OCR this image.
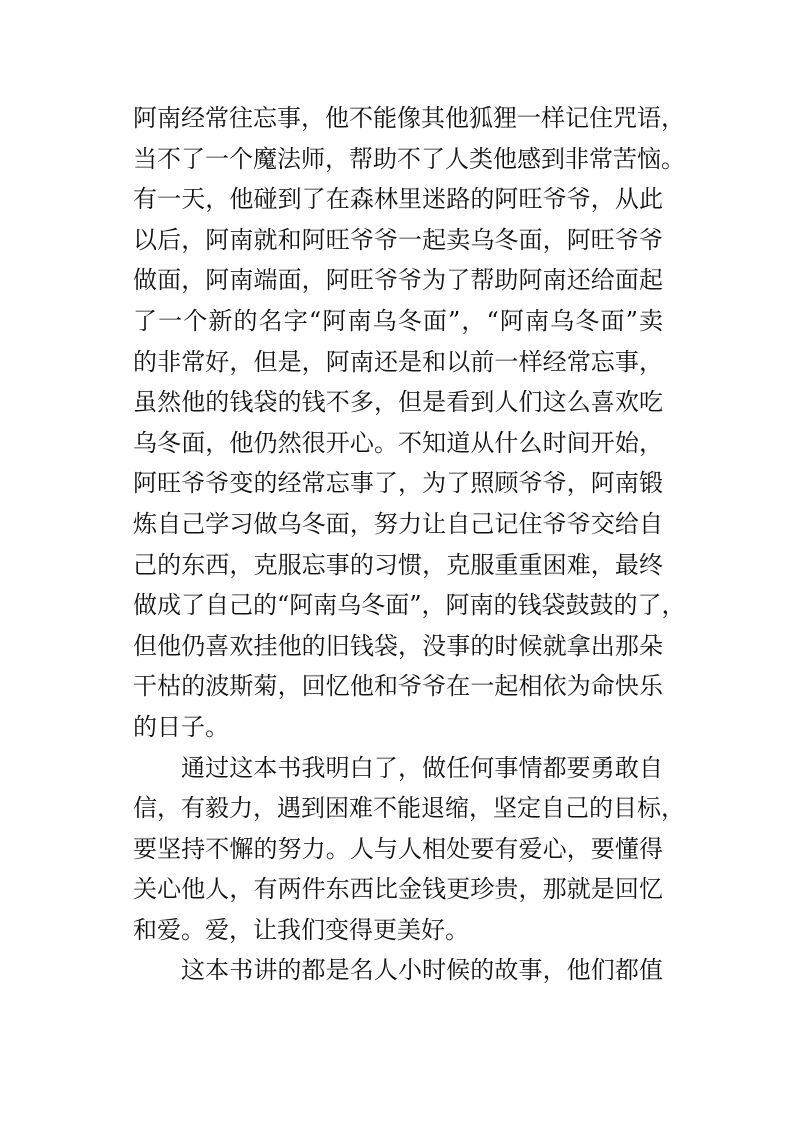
阿南经常往忘事，他不能像其他狐狸一样记住咒语，
当不了一个魔法师，帮助不了人类他感到非常苦恼。
有一天，他碰到了在森林里迷路的阿旺爷爷，从此
以后，阿南就和阿旺爷爷一起卖乌冬面，阿旺爷爷
做面，阿南端面，阿旺爷爷为了帮助阿南还给面起
了一个新的名字“阿南乌冬面”，“阿南乌冬面”卖
的非常好，但是，阿南还是和以前一样经常忘事，
虽然他的钱袋的钱不多，但是看到人们这么喜欢吃
乌冬面，他仍然很开心。不知道从什么时间开始，
阿旺爷爷变的经常忘事了，为了照顾爷爷，阿南锻
炼自己学习做乌冬面，努力让自己记住爷爷交给自
己的东西，克服忘事的习惯，克服重重困难，最终
做成了自己的“阿南乌冬面”，阿南的钱袋鼓鼓的了，
但他仍喜欢挂他的旧钱袋，没事的时候就拿出那朵
干枯的波斯菊，回忆他和爷爷在一起相依为命快乐
的日子。
通过这本书我明白了，做任何事情都要勇敢自
信，有毅力，遇到困难不能退缩，坚定自己的目标，
要坚持不懈的努力。人与人相处要有爱心，要懂得
关心他人，有两件东西比金钱更珍贵，那就是回忆
和爱。爱，让我们变得更美好。
这本书讲的都是名人小时候的故事，他们都值
